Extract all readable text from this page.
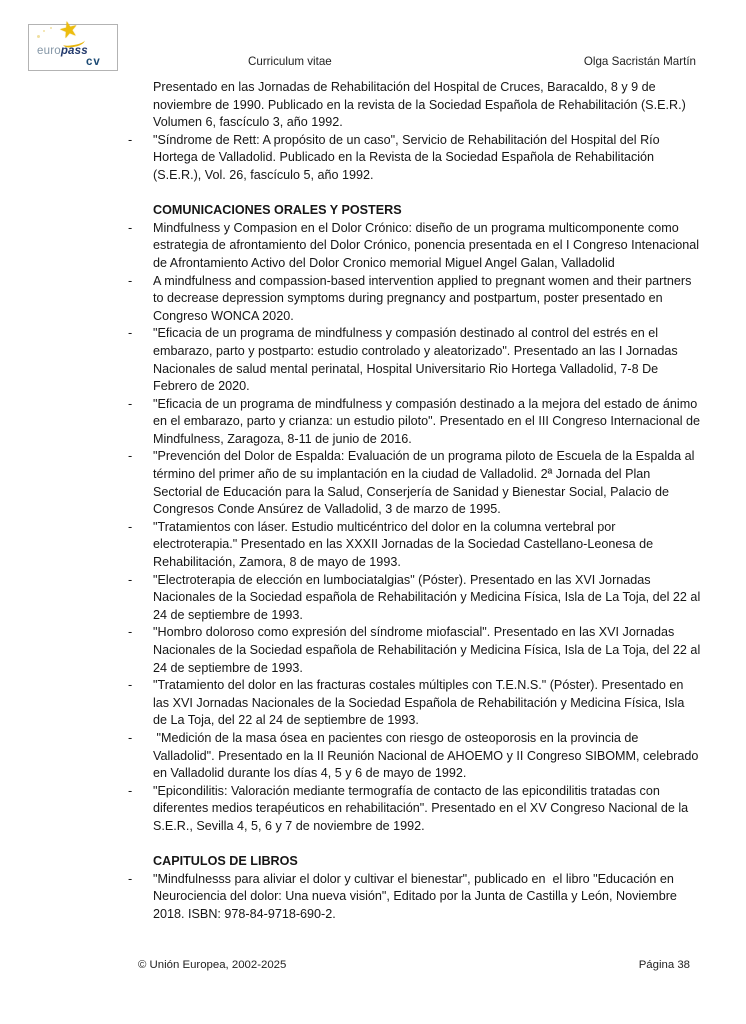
★
europass
cv	Curriculum vitae	Olga Sacristán Martín
Presentado en las Jornadas de Rehabilitación del Hospital de Cruces, Baracaldo, 8 y 9 de noviembre de 1990. Publicado en la revista de la Sociedad Española de Rehabilitación (S.E.R.) Volumen 6, fascículo 3, año 1992.
-	"Síndrome de Rett: A propósito de un caso", Servicio de Rehabilitación del Hospital del Río Hortega de Valladolid. Publicado en la Revista de la Sociedad Española de Rehabilitación (S.E.R.), Vol. 26, fascículo 5, año 1992.
COMUNICACIONES ORALES Y POSTERS
-	Mindfulness y Compasion en el Dolor Crónico: diseño de un programa multicomponente como estrategia de afrontamiento del Dolor Crónico, ponencia presentada en el I Congreso Intenacional de Afrontamiento Activo del Dolor Cronico memorial Miguel Angel Galan, Valladolid
-	A mindfulness and compassion-based intervention applied to pregnant women and their partners to decrease depression symptoms during pregnancy and postpartum, poster presentado en Congreso WONCA 2020.
-	"Eficacia de un programa de mindfulness y compasión destinado al control del estrés en el embarazo, parto y postparto: estudio controlado y aleatorizado". Presentado an las I Jornadas Nacionales de salud mental perinatal, Hospital Universitario Rio Hortega Valladolid, 7-8 De Febrero de 2020.
-	"Eficacia de un programa de mindfulness y compasión destinado a la mejora del estado de ánimo en el embarazo, parto y crianza: un estudio piloto". Presentado en el III Congreso Internacional de Mindfulness, Zaragoza, 8-11 de junio de 2016.
-	"Prevención del Dolor de Espalda: Evaluación de un programa piloto de Escuela de la Espalda al término del primer año de su implantación en la ciudad de Valladolid. 2ª Jornada del Plan Sectorial de Educación para la Salud, Conserjería de Sanidad y Bienestar Social, Palacio de Congresos Conde Ansúrez de Valladolid, 3 de marzo de 1995.
-	"Tratamientos con láser. Estudio multicéntrico del dolor en la columna vertebral por electroterapia." Presentado en las XXXII Jornadas de la Sociedad Castellano-Leonesa de Rehabilitación, Zamora, 8 de mayo de 1993.
-	"Electroterapia de elección en lumbociatalgias" (Póster). Presentado en las XVI Jornadas Nacionales de la Sociedad española de Rehabilitación y Medicina Física, Isla de La Toja, del 22 al 24 de septiembre de 1993.
-	"Hombro doloroso como expresión del síndrome miofascial". Presentado en las XVI Jornadas Nacionales de la Sociedad española de Rehabilitación y Medicina Física, Isla de La Toja, del 22 al 24 de septiembre de 1993.
-	"Tratamiento del dolor en las fracturas costales múltiples con T.E.N.S." (Póster). Presentado en las XVI Jornadas Nacionales de la Sociedad Española de Rehabilitación y Medicina Física, Isla de La Toja, del 22 al 24 de septiembre de 1993.
-	"Medición de la masa ósea en pacientes con riesgo de osteoporosis en la provincia de Valladolid". Presentado en la II Reunión Nacional de AHOEMO y II Congreso SIBOMM, celebrado en Valladolid durante los días 4, 5 y 6 de mayo de 1992.
-	"Epicondilitis: Valoración mediante termografía de contacto de las epicondilitis tratadas con diferentes medios terapéuticos en rehabilitación". Presentado en el XV Congreso Nacional de la S.E.R., Sevilla 4, 5, 6 y 7 de noviembre de 1992.
CAPITULOS DE LIBROS
-	"Mindfulnesss para aliviar el dolor y cultivar el bienestar", publicado en  el libro "Educación en  Neurociencia del dolor: Una nueva visión", Editado por la Junta de Castilla y León, Noviembre 2018. ISBN: 978-84-9718-690-2.
© Unión Europea, 2002-2025	Página 38
